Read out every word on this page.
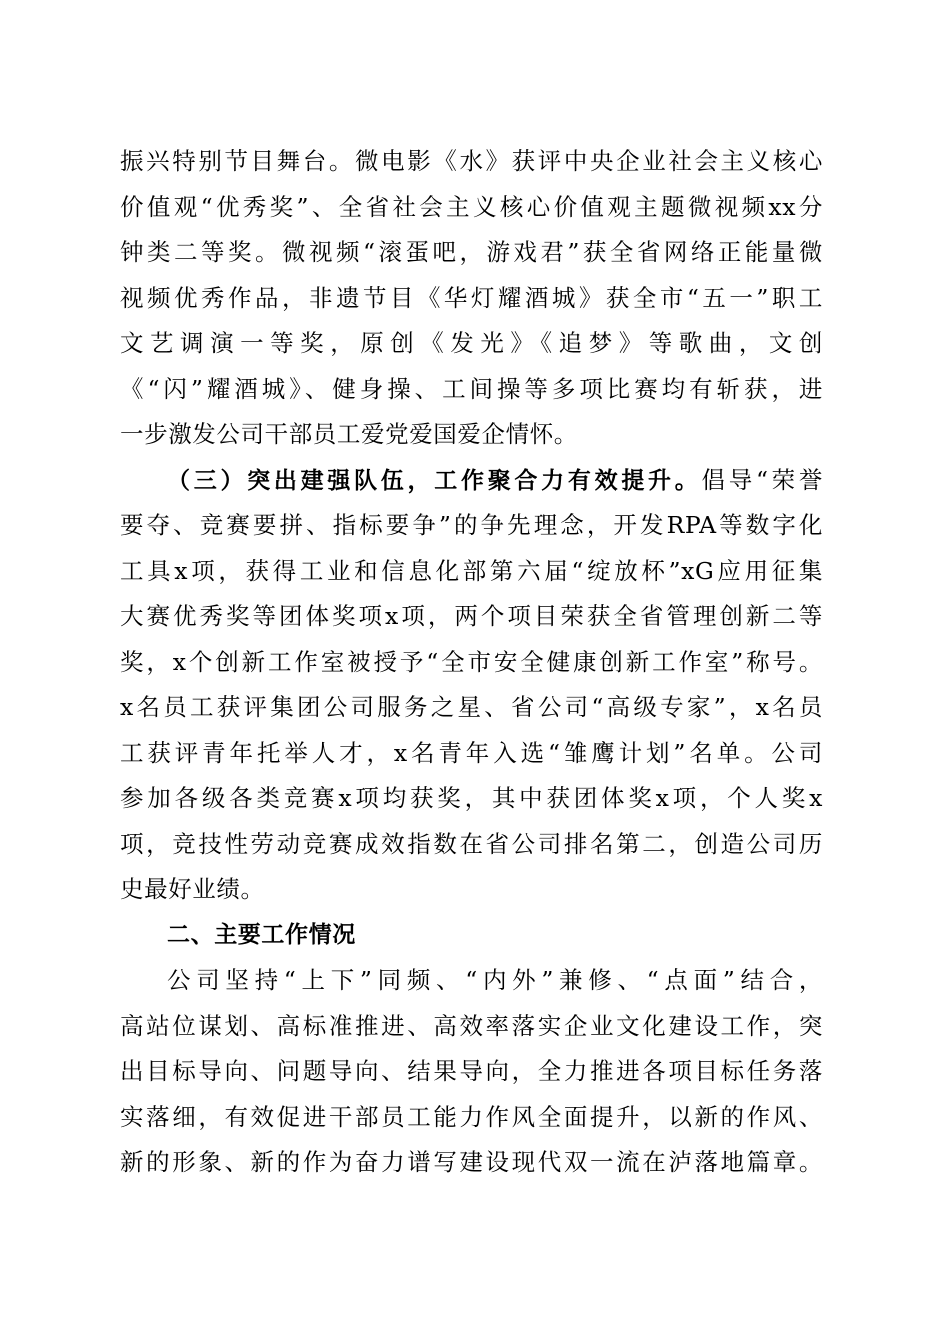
振兴特别节目舞台。微电影《水》获评中央企业社会主义核心
价值观“优秀奖”、全省社会主义核心价值观主题微视频xx分
钟类二等奖。微视频“滚蛋吧，游戏君”获全省网络正能量微
视频优秀作品，非遗节目《华灯耀酒城》获全市“五一”职工
文艺调演一等奖，原创《发光》《追梦》等歌曲，文创
《“闪”耀酒城》、健身操、工间操等多项比赛均有斩获，进
一步激发公司干部员工爱党爱国爱企情怀。
（三）突出建强队伍，工作聚合力有效提升。倡导“荣誉
要夺、竞赛要拼、指标要争”的争先理念，开发RPA等数字化
工具x项，获得工业和信息化部第六届“绽放杯”xG应用征集
大赛优秀奖等团体奖项x项，两个项目荣获全省管理创新二等
奖，x个创新工作室被授予“全市安全健康创新工作室”称号。
x名员工获评集团公司服务之星、省公司“高级专家”，x名员
工获评青年托举人才，x名青年入选“雏鹰计划”名单。公司
参加各级各类竞赛x项均获奖，其中获团体奖x项，个人奖x
项，竞技性劳动竞赛成效指数在省公司排名第二，创造公司历
史最好业绩。
二、主要工作情况
公司坚持“上下”同频、“内外”兼修、“点面”结合，
高站位谋划、高标准推进、高效率落实企业文化建设工作，突
出目标导向、问题导向、结果导向，全力推进各项目标任务落
实落细，有效促进干部员工能力作风全面提升，以新的作风、
新的形象、新的作为奋力谱写建设现代双一流在泸落地篇章。
